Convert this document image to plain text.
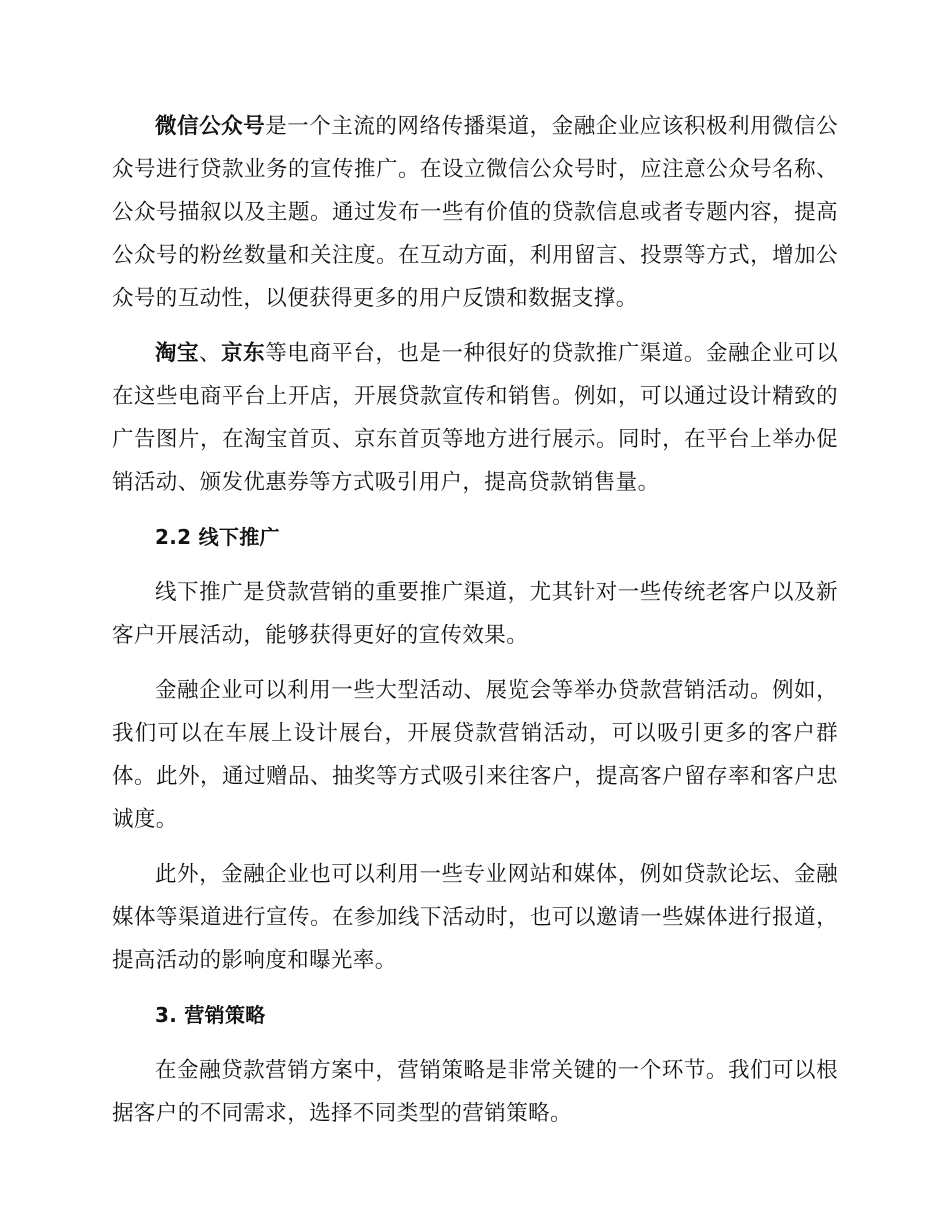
微信公众号是一个主流的网络传播渠道，金融企业应该积极利用微信公众号进行贷款业务的宣传推广。在设立微信公众号时，应注意公众号名称、公众号描叙以及主题。通过发布一些有价值的贷款信息或者专题内容，提高公众号的粉丝数量和关注度。在互动方面，利用留言、投票等方式，增加公众号的互动性，以便获得更多的用户反馈和数据支撑。

淘宝、京东等电商平台，也是一种很好的贷款推广渠道。金融企业可以在这些电商平台上开店，开展贷款宣传和销售。例如，可以通过设计精致的广告图片，在淘宝首页、京东首页等地方进行展示。同时，在平台上举办促销活动、颁发优惠券等方式吸引用户，提高贷款销售量。

2.2 线下推广

线下推广是贷款营销的重要推广渠道，尤其针对一些传统老客户以及新客户开展活动，能够获得更好的宣传效果。

金融企业可以利用一些大型活动、展览会等举办贷款营销活动。例如，我们可以在车展上设计展台，开展贷款营销活动，可以吸引更多的客户群体。此外，通过赠品、抽奖等方式吸引来往客户，提高客户留存率和客户忠诚度。

此外，金融企业也可以利用一些专业网站和媒体，例如贷款论坛、金融媒体等渠道进行宣传。在参加线下活动时，也可以邀请一些媒体进行报道，提高活动的影响度和曝光率。

3. 营销策略

在金融贷款营销方案中，营销策略是非常关键的一个环节。我们可以根据客户的不同需求，选择不同类型的营销策略。
